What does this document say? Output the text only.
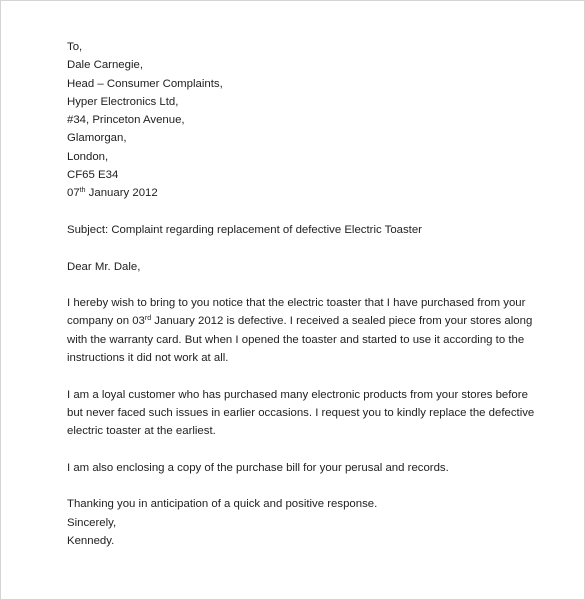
To,
Dale Carnegie,
Head – Consumer Complaints,
Hyper Electronics Ltd,
#34, Princeton Avenue,
Glamorgan,
London,
CF65 E34
07th January 2012
Subject: Complaint regarding replacement of defective Electric Toaster
Dear Mr. Dale,
I hereby wish to bring to you notice that the electric toaster that I have purchased from your company on 03rd January 2012 is defective. I received a sealed piece from your stores along with the warranty card. But when I opened the toaster and started to use it according to the instructions it did not work at all.
I am a loyal customer who has purchased many electronic products from your stores before but never faced such issues in earlier occasions. I request you to kindly replace the defective electric toaster at the earliest.
I am also enclosing a copy of the purchase bill for your perusal and records.
Thanking you in anticipation of a quick and positive response.
Sincerely,
Kennedy.
